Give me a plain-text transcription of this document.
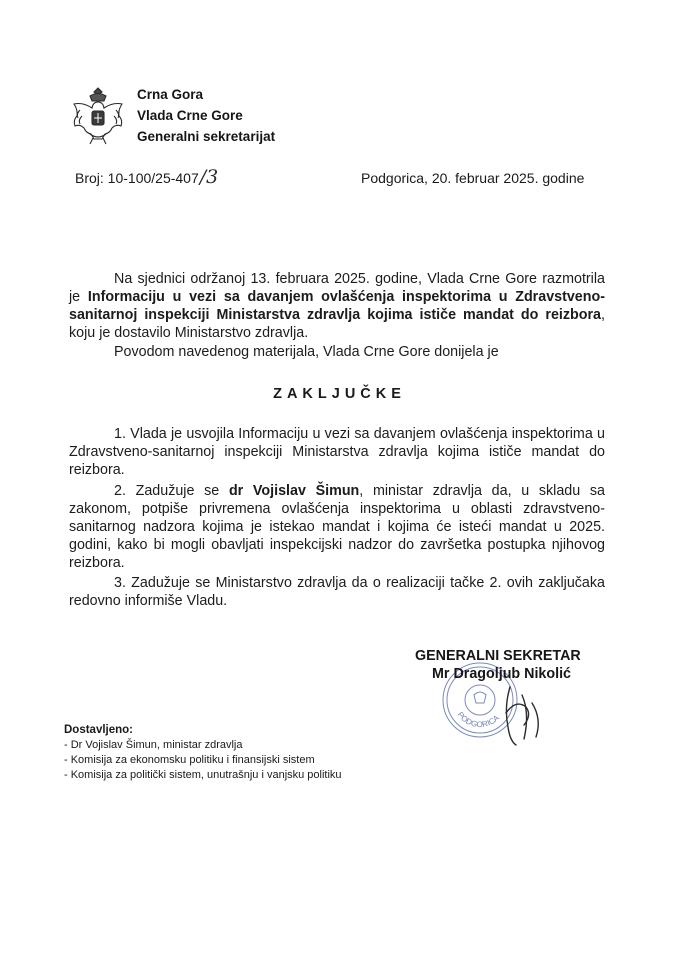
Crna Gora
Vlada Crne Gore
Generalni sekretarijat
Broj: 10-100/25-407/3	Podgorica, 20. februar 2025. godine
Na sjednici održanoj 13. februara 2025. godine, Vlada Crne Gore razmotrila je Informaciju u vezi sa davanjem ovlašćenja inspektorima u Zdravstveno-sanitarnoj inspekciji Ministarstva zdravlja kojima ističe mandat do reizbora, koju je dostavilo Ministarstvo zdravlja.
Povodom navedenog materijala, Vlada Crne Gore donijela je
ZAKLJUČKE
1. Vlada je usvojila Informaciju u vezi sa davanjem ovlašćenja inspektorima u Zdravstveno-sanitarnoj inspekciji Ministarstva zdravlja kojima ističe mandat do reizbora.
2. Zadužuje se dr Vojislav Šimun, ministar zdravlja da, u skladu sa zakonom, potpiše privremena ovlašćenja inspektorima u oblasti zdravstveno-sanitarnog nadzora kojima je istekao mandat i kojima će isteći mandat u 2025. godini, kako bi mogli obavljati inspekcijski nadzor do završetka postupka njihovog reizbora.
3. Zadužuje se Ministarstvo zdravlja da o realizaciji tačke 2. ovih zaključaka redovno informiše Vladu.
PODGORICA
GENERALNI SEKRETAR
Mr Dragoljub Nikolić
Dostavljeno:
- Dr Vojislav Šimun, ministar zdravlja
- Komisija za ekonomsku politiku i finansijski sistem
- Komisija za politički sistem, unutrašnju i vanjsku politiku
